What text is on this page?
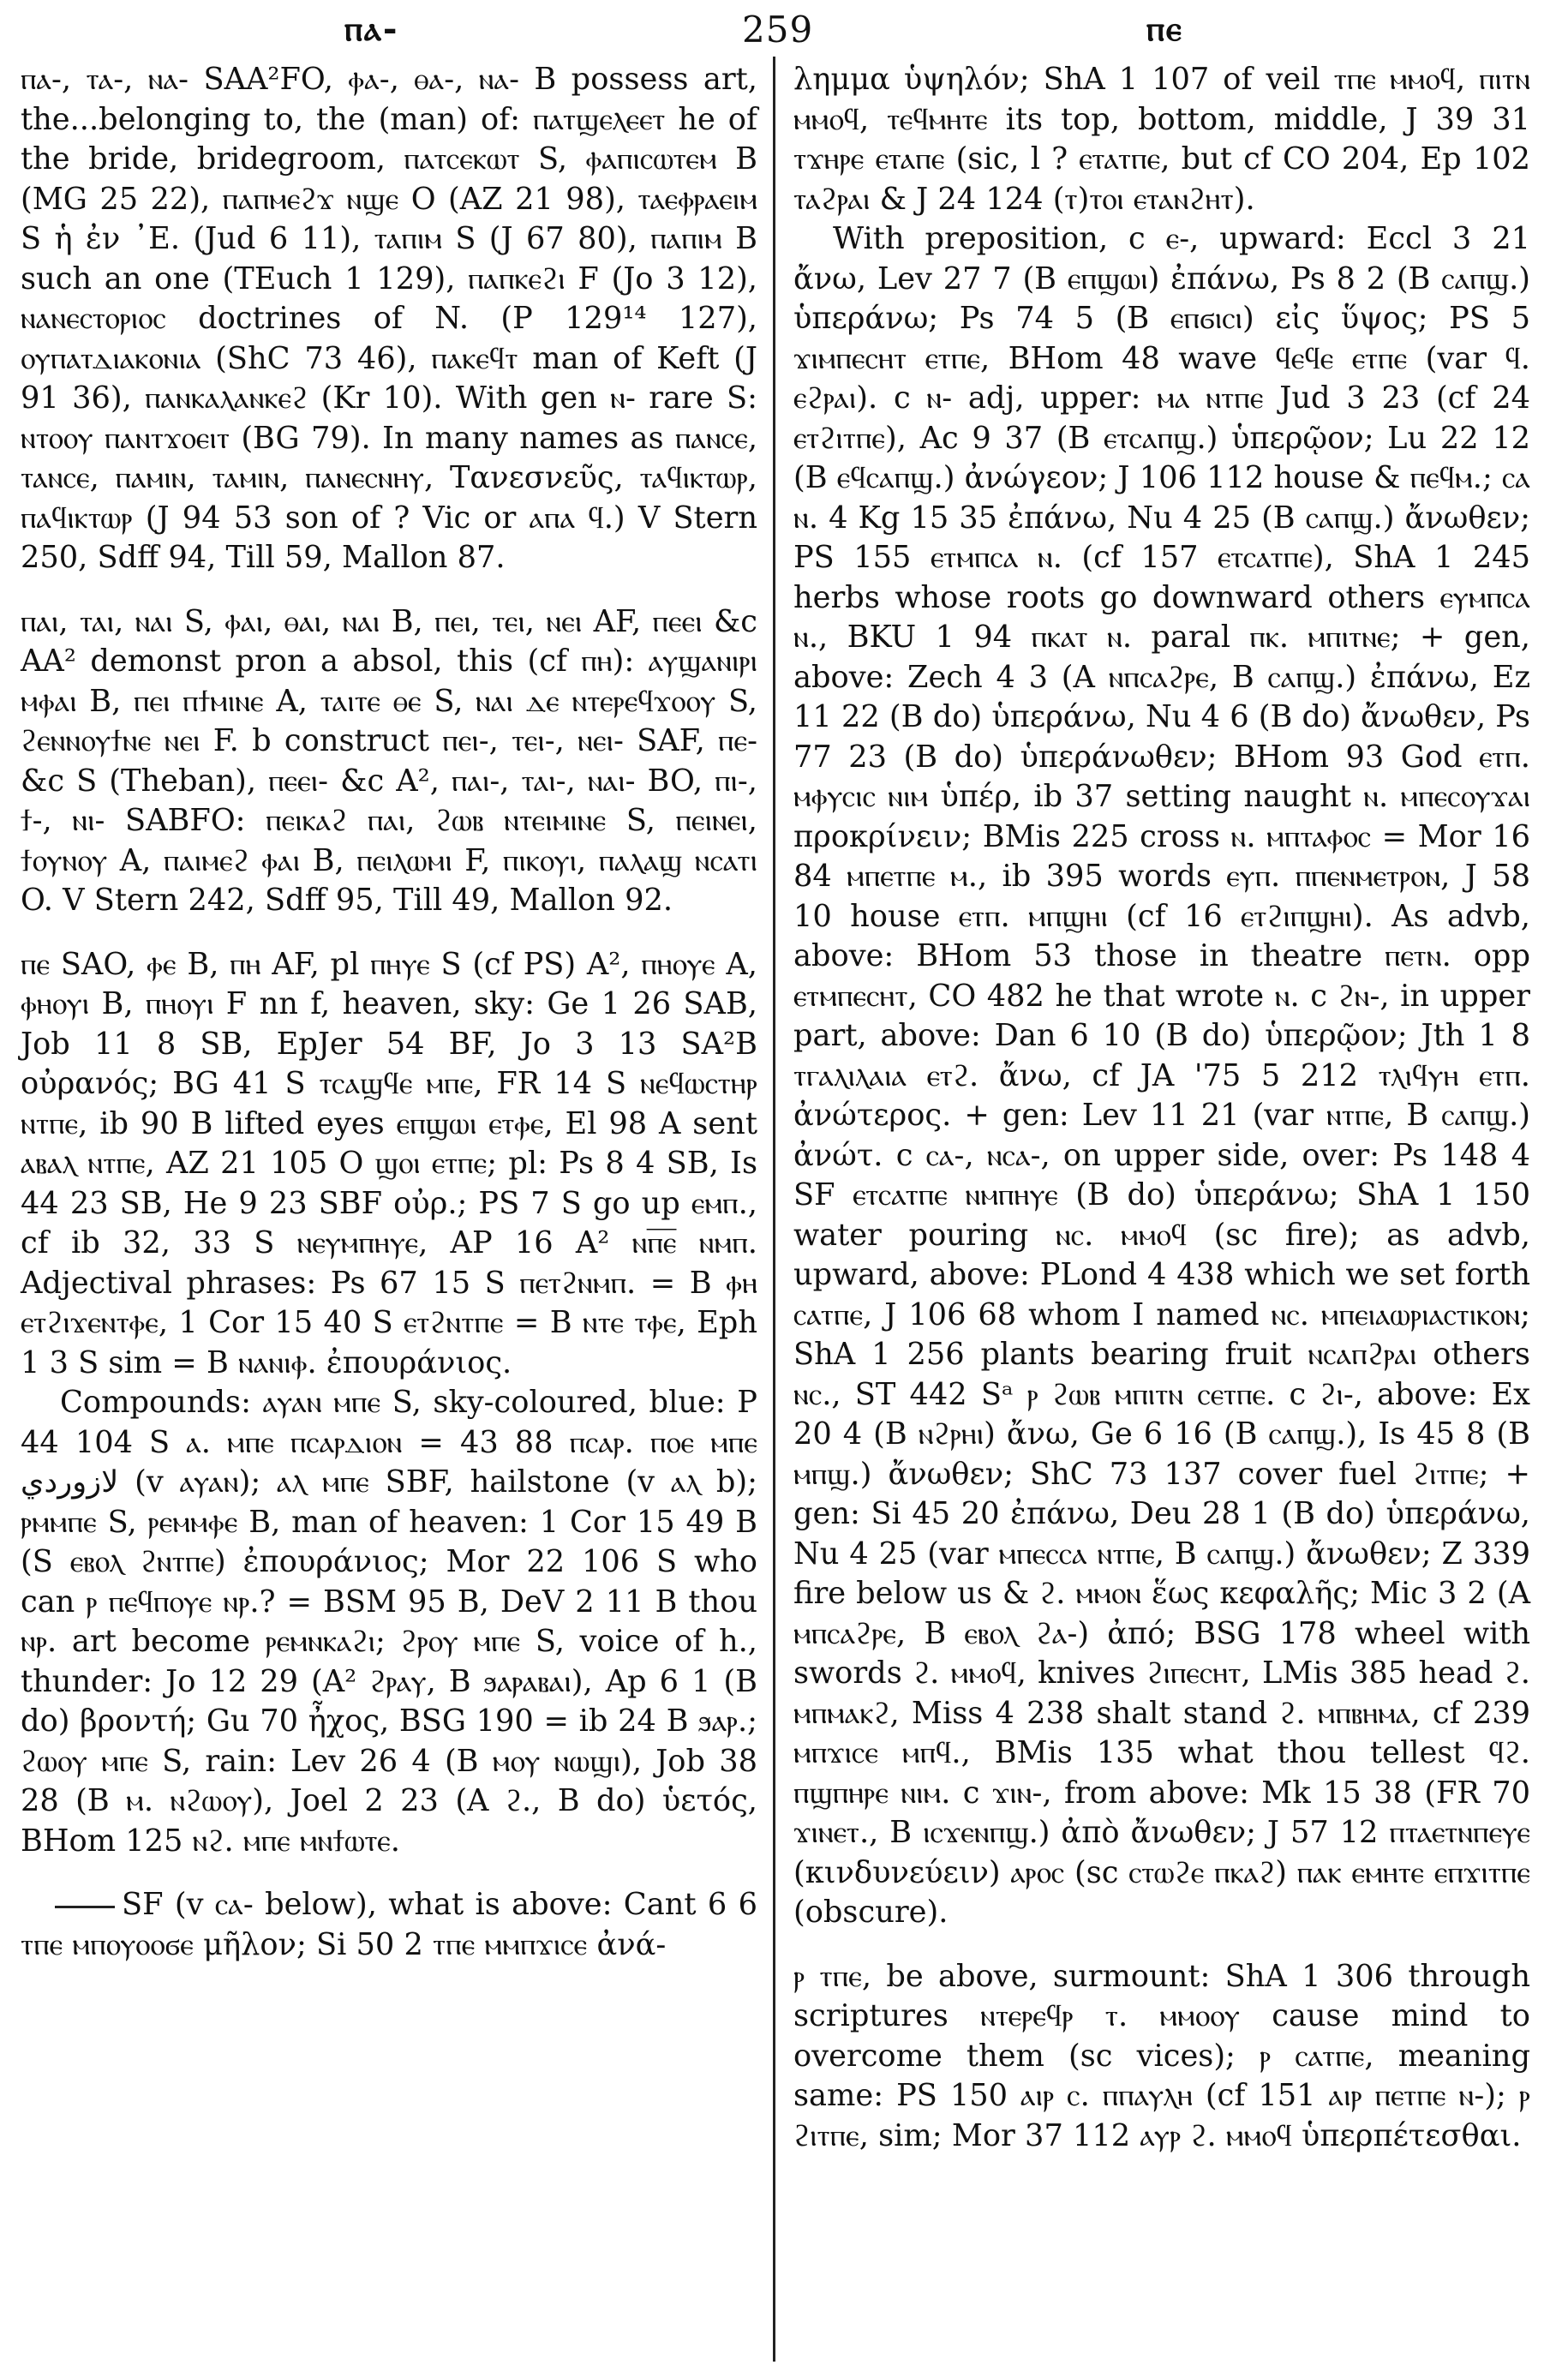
ⲡⲁ-	259	ⲡⲉ

ⲡⲁ-, ⲧⲁ-, ⲛⲁ- SAA²FO, ⲫⲁ-, ⲑⲁ-, ⲛⲁ- B possess art, the...belonging to, the (man) of: ⲡⲁⲧϣⲉⲗⲉⲉⲧ he of the bride, bridegroom, ⲡⲁⲧⲥⲉⲕⲱⲧ S, ⲫⲁⲡⲓⲥⲱⲧⲉⲙ B (MG 25 22), ⲡⲁⲡⲙⲉϩϫ ⲛϣⲉ O (AZ 21 98), ⲧⲁⲉⲫⲣⲁⲉⲓⲙ S ἡ ἐν ᾽Ε. (Jud 6 11), ⲧⲁⲡⲓⲙ S (J 67 80), ⲡⲁⲡⲓⲙ B such an one (TEuch 1 129), ⲡⲁⲡⲕⲉϩⲓ F (Jo 3 12), ⲛⲁⲛⲉⲥⲧⲟⲣⲓⲟⲥ doctrines of N. (P 129¹⁴ 127), ⲟⲩⲡⲁⲧⲇⲓⲁⲕⲟⲛⲓⲁ (ShC 73 46), ⲡⲁⲕⲉϥⲧ man of Keft (J 91 36), ⲡⲁⲛⲕⲁⲗⲁⲛⲕⲉϩ (Kr 10). With gen ⲛ- rare S: ⲛⲧⲟⲟⲩ ⲡⲁⲛⲧϫⲟⲉⲓⲧ (BG 79). In many names as ⲡⲁⲛⲥⲉ, ⲧⲁⲛⲥⲉ, ⲡⲁⲙⲓⲛ, ⲧⲁⲙⲓⲛ, ⲡⲁⲛⲉⲥⲛⲏⲩ, Τανεσνεῦς, ⲧⲁϥⲓⲕⲧⲱⲣ, ⲡⲁϥⲓⲕⲧⲱⲣ (J 94 53 son of ? Vic or ⲁⲡⲁ ϥ.) V Stern 250, Sdff 94, Till 59, Mallon 87.

ⲡⲁⲓ, ⲧⲁⲓ, ⲛⲁⲓ S, ⲫⲁⲓ, ⲑⲁⲓ, ⲛⲁⲓ B, ⲡⲉⲓ, ⲧⲉⲓ, ⲛⲉⲓ AF, ⲡⲉⲉⲓ &c AA² demonst pron a absol, this (cf ⲡⲏ): ⲁⲩϣⲁⲛⲓⲣⲓ ⲙⲫⲁⲓ B, ⲡⲉⲓ ⲡϯⲙⲓⲛⲉ A, ⲧⲁⲓⲧⲉ ⲑⲉ S, ⲛⲁⲓ ⲇⲉ ⲛⲧⲉⲣⲉϥϫⲟⲟⲩ S, ϩⲉⲛⲛⲟⲩϯⲛⲉ ⲛⲉⲓ F. b construct ⲡⲉⲓ-, ⲧⲉⲓ-, ⲛⲉⲓ- SAF, ⲡⲉ- &c S (Theban), ⲡⲉⲉⲓ- &c A², ⲡⲁⲓ-, ⲧⲁⲓ-, ⲛⲁⲓ- BO, ⲡⲓ-, ϯ-, ⲛⲓ- SABFO: ⲡⲉⲓⲕⲁϩ ⲡⲁⲓ, ϩⲱⲃ ⲛⲧⲉⲓⲙⲓⲛⲉ S, ⲡⲉⲓⲛⲉⲓ, ϯⲟⲩⲛⲟⲩ A, ⲡⲁⲓⲙⲉϩ ⲫⲁⲓ B, ⲡⲉⲓⲗⲱⲙⲓ F, ⲡⲓⲕⲟⲩⲓ, ⲡⲁⲗⲁϣ ⲛⲥⲁⲧⲓ O. V Stern 242, Sdff 95, Till 49, Mallon 92.

ⲡⲉ SAO, ⲫⲉ B, ⲡⲏ AF, pl ⲡⲏⲩⲉ S (cf PS) A², ⲡⲏⲟⲩⲉ A, ⲫⲏⲟⲩⲓ B, ⲡⲏⲟⲩⲓ F nn f, heaven, sky: Ge 1 26 SAB, Job 11 8 SB, EpJer 54 BF, Jo 3 13 SA²B οὐρανός; BG 41 S ⲧⲥⲁϣϥⲉ ⲙⲡⲉ, FR 14 S ⲛⲉϥⲱⲥⲧⲏⲣ ⲛⲧⲡⲉ, ib 90 B lifted eyes ⲉⲡϣⲱⲓ ⲉⲧⲫⲉ, El 98 A sent ⲁⲃⲁⲗ ⲛⲧⲡⲉ, AZ 21 105 O ϣⲟⲓ ⲉⲧⲡⲉ; pl: Ps 8 4 SB, Is 44 23 SB, He 9 23 SBF οὐρ.; PS 7 S go up ⲉⲙⲡ., cf ib 32, 33 S ⲛⲉⲩⲙⲡⲏⲩⲉ, AP 16 A² ⲛⲡ̅ⲉ̅ ⲛⲙⲡ. Adjectival phrases: Ps 67 15 S ⲡⲉⲧϩⲛⲙⲡ. = B ⲫⲏ ⲉⲧϩⲓϫⲉⲛⲧⲫⲉ, 1 Cor 15 40 S ⲉⲧϩⲛⲧⲡⲉ = B ⲛⲧⲉ ⲧⲫⲉ, Eph 1 3 S sim = B ⲛⲁⲛⲓⲫ. ἐπουράνιος.

Compounds: ⲁⲩⲁⲛ ⲙⲡⲉ S, sky-coloured, blue: P 44 104 S ⲁ. ⲙⲡⲉ ⲡⲥⲁⲣⲇⲓⲟⲛ = 43 88 ⲡⲥⲁⲣ. ⲡⲟⲉ ⲙⲡⲉ لازوردي (v ⲁⲩⲁⲛ); ⲁⲗ ⲙⲡⲉ SBF, hailstone (v ⲁⲗ b); ⲣⲙⲙⲡⲉ S, ⲣⲉⲙⲙⲫⲉ B, man of heaven: 1 Cor 15 49 B (S ⲉⲃⲟⲗ ϩⲛⲧⲡⲉ) ἐπουράνιος; Mor 22 106 S who can ⲣ ⲡⲉϥⲡⲟⲩⲉ ⲛⲣ.? = BSM 95 B, DeV 2 11 B thou ⲛⲣ. art become ⲣⲉⲙⲛⲕⲁϩⲓ; ϩⲣⲟⲩ ⲙⲡⲉ S, voice of h., thunder: Jo 12 29 (A² ϩⲣⲁⲩ, B ϧⲁⲣⲁⲃⲁⲓ), Ap 6 1 (B do) βροντή; Gu 70 ἦχος, BSG 190 = ib 24 B ϧⲁⲣ.; ϩⲱⲟⲩ ⲙⲡⲉ S, rain: Lev 26 4 (B ⲙⲟⲩ ⲛⲱϣⲓ), Job 38 28 (B ⲙ. ⲛϩⲱⲟⲩ), Joel 2 23 (A ϩ., B do) ὑετός, BHom 125 ⲛϩ. ⲙⲡⲉ ⲙⲛϯⲱⲧⲉ.

SF (v ⲥⲁ- below), what is above: Cant 6 6 ⲧⲡⲉ ⲙⲡⲟⲩⲟⲟϭⲉ μῆλον; Si 50 2 ⲧⲡⲉ ⲙⲙⲡϫⲓⲥⲉ ἀνά-

λημμα ὑψηλόν; ShA 1 107 of veil ⲧⲡⲉ ⲙⲙⲟϥ, ⲡⲓⲧⲛ ⲙⲙⲟϥ, ⲧⲉϥⲙⲏⲧⲉ its top, bottom, middle, J 39 31 ⲧϫⲏⲣⲉ ⲉⲧⲁⲡⲉ (sic, l ? ⲉⲧⲁⲧⲡⲉ, but cf CO 204, Ep 102 ⲧⲁϩⲣⲁⲓ & J 24 124 (ⲧ)ⲧⲟⲓ ⲉⲧⲁⲛϩⲏⲧ).

With preposition, c ⲉ-, upward: Eccl 3 21 ἄνω, Lev 27 7 (B ⲉⲡϣⲱⲓ) ἐπάνω, Ps 8 2 (B ⲥⲁⲡϣ.) ὑπεράνω; Ps 74 5 (B ⲉⲡϭⲓⲥⲓ) εἰς ὕψος; PS 5 ϫⲓⲙⲡⲉⲥⲏⲧ ⲉⲧⲡⲉ, BHom 48 wave ϥⲉϥⲉ ⲉⲧⲡⲉ (var ϥ. ⲉϩⲣⲁⲓ). c ⲛ- adj, upper: ⲙⲁ ⲛⲧⲡⲉ Jud 3 23 (cf 24 ⲉⲧϩⲓⲧⲡⲉ), Ac 9 37 (B ⲉⲧⲥⲁⲡϣ.) ὑπερῷον; Lu 22 12 (B ⲉϥⲥⲁⲡϣ.) ἀνώγεον; J 106 112 house & ⲡⲉϥⲙ.; ⲥⲁ ⲛ. 4 Kg 15 35 ἐπάνω, Nu 4 25 (B ⲥⲁⲡϣ.) ἄνωθεν; PS 155 ⲉⲧⲙⲡⲥⲁ ⲛ. (cf 157 ⲉⲧⲥⲁⲧⲡⲉ), ShA 1 245 herbs whose roots go downward others ⲉⲩⲙⲡⲥⲁ ⲛ., BKU 1 94 ⲡⲕⲁⲧ ⲛ. paral ⲡⲕ. ⲙⲡⲓⲧⲛⲉ; + gen, above: Zech 4 3 (A ⲛⲡⲥⲁϩⲣⲉ, B ⲥⲁⲡϣ.) ἐπάνω, Ez 11 22 (B do) ὑπεράνω, Nu 4 6 (B do) ἄνωθεν, Ps 77 23 (B do) ὑπεράνωθεν; BHom 93 God ⲉⲧⲡ. ⲙⲫⲩⲥⲓⲥ ⲛⲓⲙ ὑπέρ, ib 37 setting naught ⲛ. ⲙⲡⲉⲥⲟⲩϫⲁⲓ προκρίνειν; BMis 225 cross ⲛ. ⲙⲡⲧⲁⲫⲟⲥ = Mor 16 84 ⲙⲡⲉⲧⲡⲉ ⲙ., ib 395 words ⲉⲩⲡ. ⲡⲡⲉⲛⲙⲉⲧⲣⲟⲛ, J 58 10 house ⲉⲧⲡ. ⲙⲡϣⲏⲓ (cf 16 ⲉⲧϩⲓⲡϣⲏⲓ). As advb, above: BHom 53 those in theatre ⲡⲉⲧⲛ. opp ⲉⲧⲙⲡⲉⲥⲏⲧ, CO 482 he that wrote ⲛ. c ϩⲛ-, in upper part, above: Dan 6 10 (B do) ὑπερῷον; Jth 1 8 ⲧⲅⲁⲗⲓⲗⲁⲓⲁ ⲉⲧϩ. ἄνω, cf JA '75 5 212 ⲧⲗⲓϥⲩⲏ ⲉⲧⲡ. ἀνώτερος. + gen: Lev 11 21 (var ⲛⲧⲡⲉ, B ⲥⲁⲡϣ.) ἀνώτ. c ⲥⲁ-, ⲛⲥⲁ-, on upper side, over: Ps 148 4 SF ⲉⲧⲥⲁⲧⲡⲉ ⲛⲙⲡⲏⲩⲉ (B do) ὑπεράνω; ShA 1 150 water pouring ⲛⲥ. ⲙⲙⲟϥ (sc fire); as advb, upward, above: PLond 4 438 which we set forth ⲥⲁⲧⲡⲉ, J 106 68 whom I named ⲛⲥ. ⲙⲡⲉⲓⲁⲱⲣⲓⲁⲥⲧⲓⲕⲟⲛ; ShA 1 256 plants bearing fruit ⲛⲥⲁⲡϩⲣⲁⲓ others ⲛⲥ., ST 442 Sᵃ ⲣ ϩⲱⲃ ⲙⲡⲓⲧⲛ ⲥⲉⲧⲡⲉ. c ϩⲓ-, above: Ex 20 4 (B ⲛϩⲣⲏⲓ) ἄνω, Ge 6 16 (B ⲥⲁⲡϣ.), Is 45 8 (B ⲙⲡϣ.) ἄνωθεν; ShC 73 137 cover fuel ϩⲓⲧⲡⲉ; + gen: Si 45 20 ἐπάνω, Deu 28 1 (B do) ὑπεράνω, Nu 4 25 (var ⲙⲡⲉⲥⲥⲁ ⲛⲧⲡⲉ, B ⲥⲁⲡϣ.) ἄνωθεν; Z 339 fire below us & ϩ. ⲙⲙⲟⲛ ἕως κεφαλῆς; Mic 3 2 (A ⲙⲡⲥⲁϩⲣⲉ, B ⲉⲃⲟⲗ ϩⲁ-) ἀπό; BSG 178 wheel with swords ϩ. ⲙⲙⲟϥ, knives ϩⲓⲡⲉⲥⲏⲧ, LMis 385 head ϩ. ⲙⲡⲙⲁⲕϩ, Miss 4 238 shalt stand ϩ. ⲙⲡⲃⲏⲙⲁ, cf 239 ⲙⲡϫⲓⲥⲉ ⲙⲡϥ., BMis 135 what thou tellest ϥϩ. ⲡϣⲡⲏⲣⲉ ⲛⲓⲙ. c ϫⲓⲛ-, from above: Mk 15 38 (FR 70 ϫⲓⲛⲉⲧ., B ⲓⲥϫⲉⲛⲡϣ.) ἀπὸ ἄνωθεν; J 57 12 ⲡⲧⲁⲉⲧⲛⲡⲉⲩⲉ (κινδυνεύειν) ⲁⲣⲟⲥ (sc ⲥⲧⲱϩⲉ ⲡⲕⲁϩ) ⲡⲁⲕ ⲉⲙⲏⲧⲉ ⲉⲡϫⲓⲧⲡⲉ (obscure).

ⲣ ⲧⲡⲉ, be above, surmount: ShA 1 306 through scriptures ⲛⲧⲉⲣⲉϥⲣ ⲧ. ⲙⲙⲟⲟⲩ cause mind to overcome them (sc vices); ⲣ ⲥⲁⲧⲡⲉ, meaning same: PS 150 ⲁⲓⲣ ⲥ. ⲡⲡⲁⲩⲗⲏ (cf 151 ⲁⲓⲣ ⲡⲉⲧⲡⲉ ⲛ-); ⲣ ϩⲓⲧⲡⲉ, sim; Mor 37 112 ⲁⲩⲣ ϩ. ⲙⲙⲟϥ ὑπερπέτεσθαι.
